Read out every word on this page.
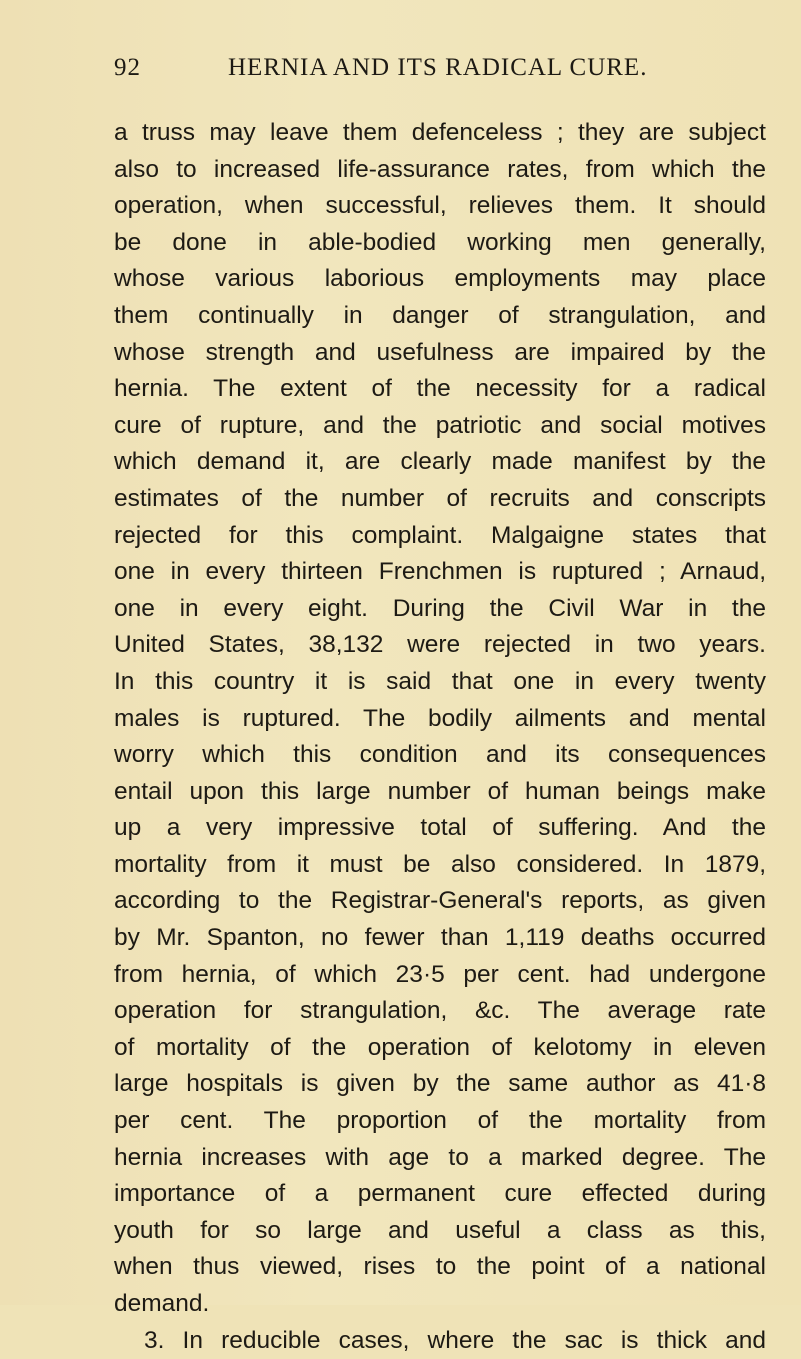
92	HERNIA AND ITS RADICAL CURE.
a truss may leave them defenceless ; they are subject
also to increased life-assurance rates, from which the
operation, when successful, relieves them. It should
be done in able-bodied working men generally,
whose various laborious employments may place
them continually in danger of strangulation, and
whose strength and usefulness are impaired by the
hernia. The extent of the necessity for a radical
cure of rupture, and the patriotic and social motives
which demand it, are clearly made manifest by the
estimates of the number of recruits and conscripts
rejected for this complaint. Malgaigne states that
one in every thirteen Frenchmen is ruptured ; Arnaud,
one in every eight. During the Civil War in the
United States, 38,132 were rejected in two years.
In this country it is said that one in every twenty
males is ruptured. The bodily ailments and mental
worry which this condition and its consequences
entail upon this large number of human beings make
up a very impressive total of suffering. And the
mortality from it must be also considered. In 1879,
according to the Registrar-General's reports, as given
by Mr. Spanton, no fewer than 1,119 deaths occurred
from hernia, of which 23·5 per cent. had undergone
operation for strangulation, &c. The average rate
of mortality of the operation of kelotomy in eleven
large hospitals is given by the same author as 41·8
per cent. The proportion of the mortality from
hernia increases with age to a marked degree. The
importance of a permanent cure effected during
youth for so large and useful a class as this,
when thus viewed, rises to the point of a national
demand.
3. In reducible cases, where the sac is thick and
